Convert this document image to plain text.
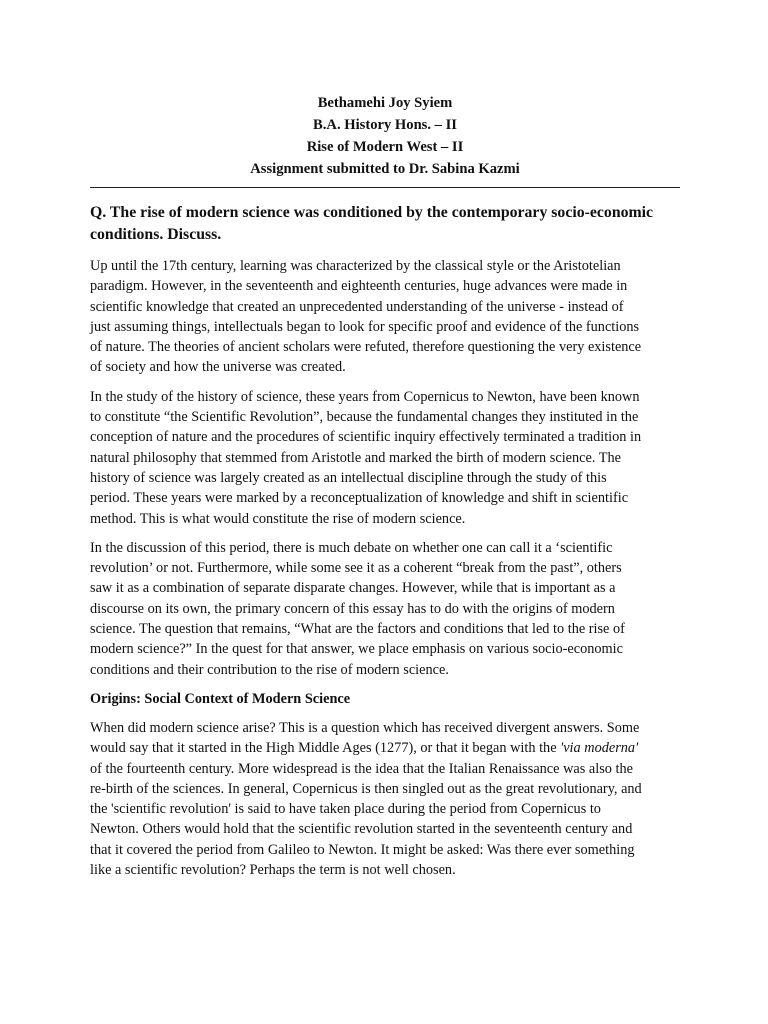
Bethamehi Joy Syiem
B.A. History Hons. – II
Rise of Modern West – II
Assignment submitted to Dr. Sabina Kazmi
Q. The rise of modern science was conditioned by the contemporary socio-economic conditions. Discuss.

Up until the 17th century, learning was characterized by the classical style or the Aristotelian
paradigm. However, in the seventeenth and eighteenth centuries, huge advances were made in
scientific knowledge that created an unprecedented understanding of the universe - instead of
just assuming things, intellectuals began to look for specific proof and evidence of the functions
of nature. The theories of ancient scholars were refuted, therefore questioning the very existence
of society and how the universe was created.

In the study of the history of science, these years from Copernicus to Newton, have been known
to constitute “the Scientific Revolution”, because the fundamental changes they instituted in the
conception of nature and the procedures of scientific inquiry effectively terminated a tradition in
natural philosophy that stemmed from Aristotle and marked the birth of modern science. The
history of science was largely created as an intellectual discipline through the study of this
period. These years were marked by a reconceptualization of knowledge and shift in scientific
method. This is what would constitute the rise of modern science.

In the discussion of this period, there is much debate on whether one can call it a ‘scientific
revolution’ or not. Furthermore, while some see it as a coherent “break from the past”, others
saw it as a combination of separate disparate changes. However, while that is important as a
discourse on its own, the primary concern of this essay has to do with the origins of modern
science. The question that remains, “What are the factors and conditions that led to the rise of
modern science?” In the quest for that answer, we place emphasis on various socio-economic
conditions and their contribution to the rise of modern science.

Origins: Social Context of Modern Science

When did modern science arise? This is a question which has received divergent answers. Some
would say that it started in the High Middle Ages (1277), or that it began with the 'via moderna'
of the fourteenth century. More widespread is the idea that the Italian Renaissance was also the
re-birth of the sciences. In general, Copernicus is then singled out as the great revolutionary, and
the 'scientific revolution' is said to have taken place during the period from Copernicus to
Newton. Others would hold that the scientific revolution started in the seventeenth century and
that it covered the period from Galileo to Newton. It might be asked: Was there ever something
like a scientific revolution? Perhaps the term is not well chosen.
